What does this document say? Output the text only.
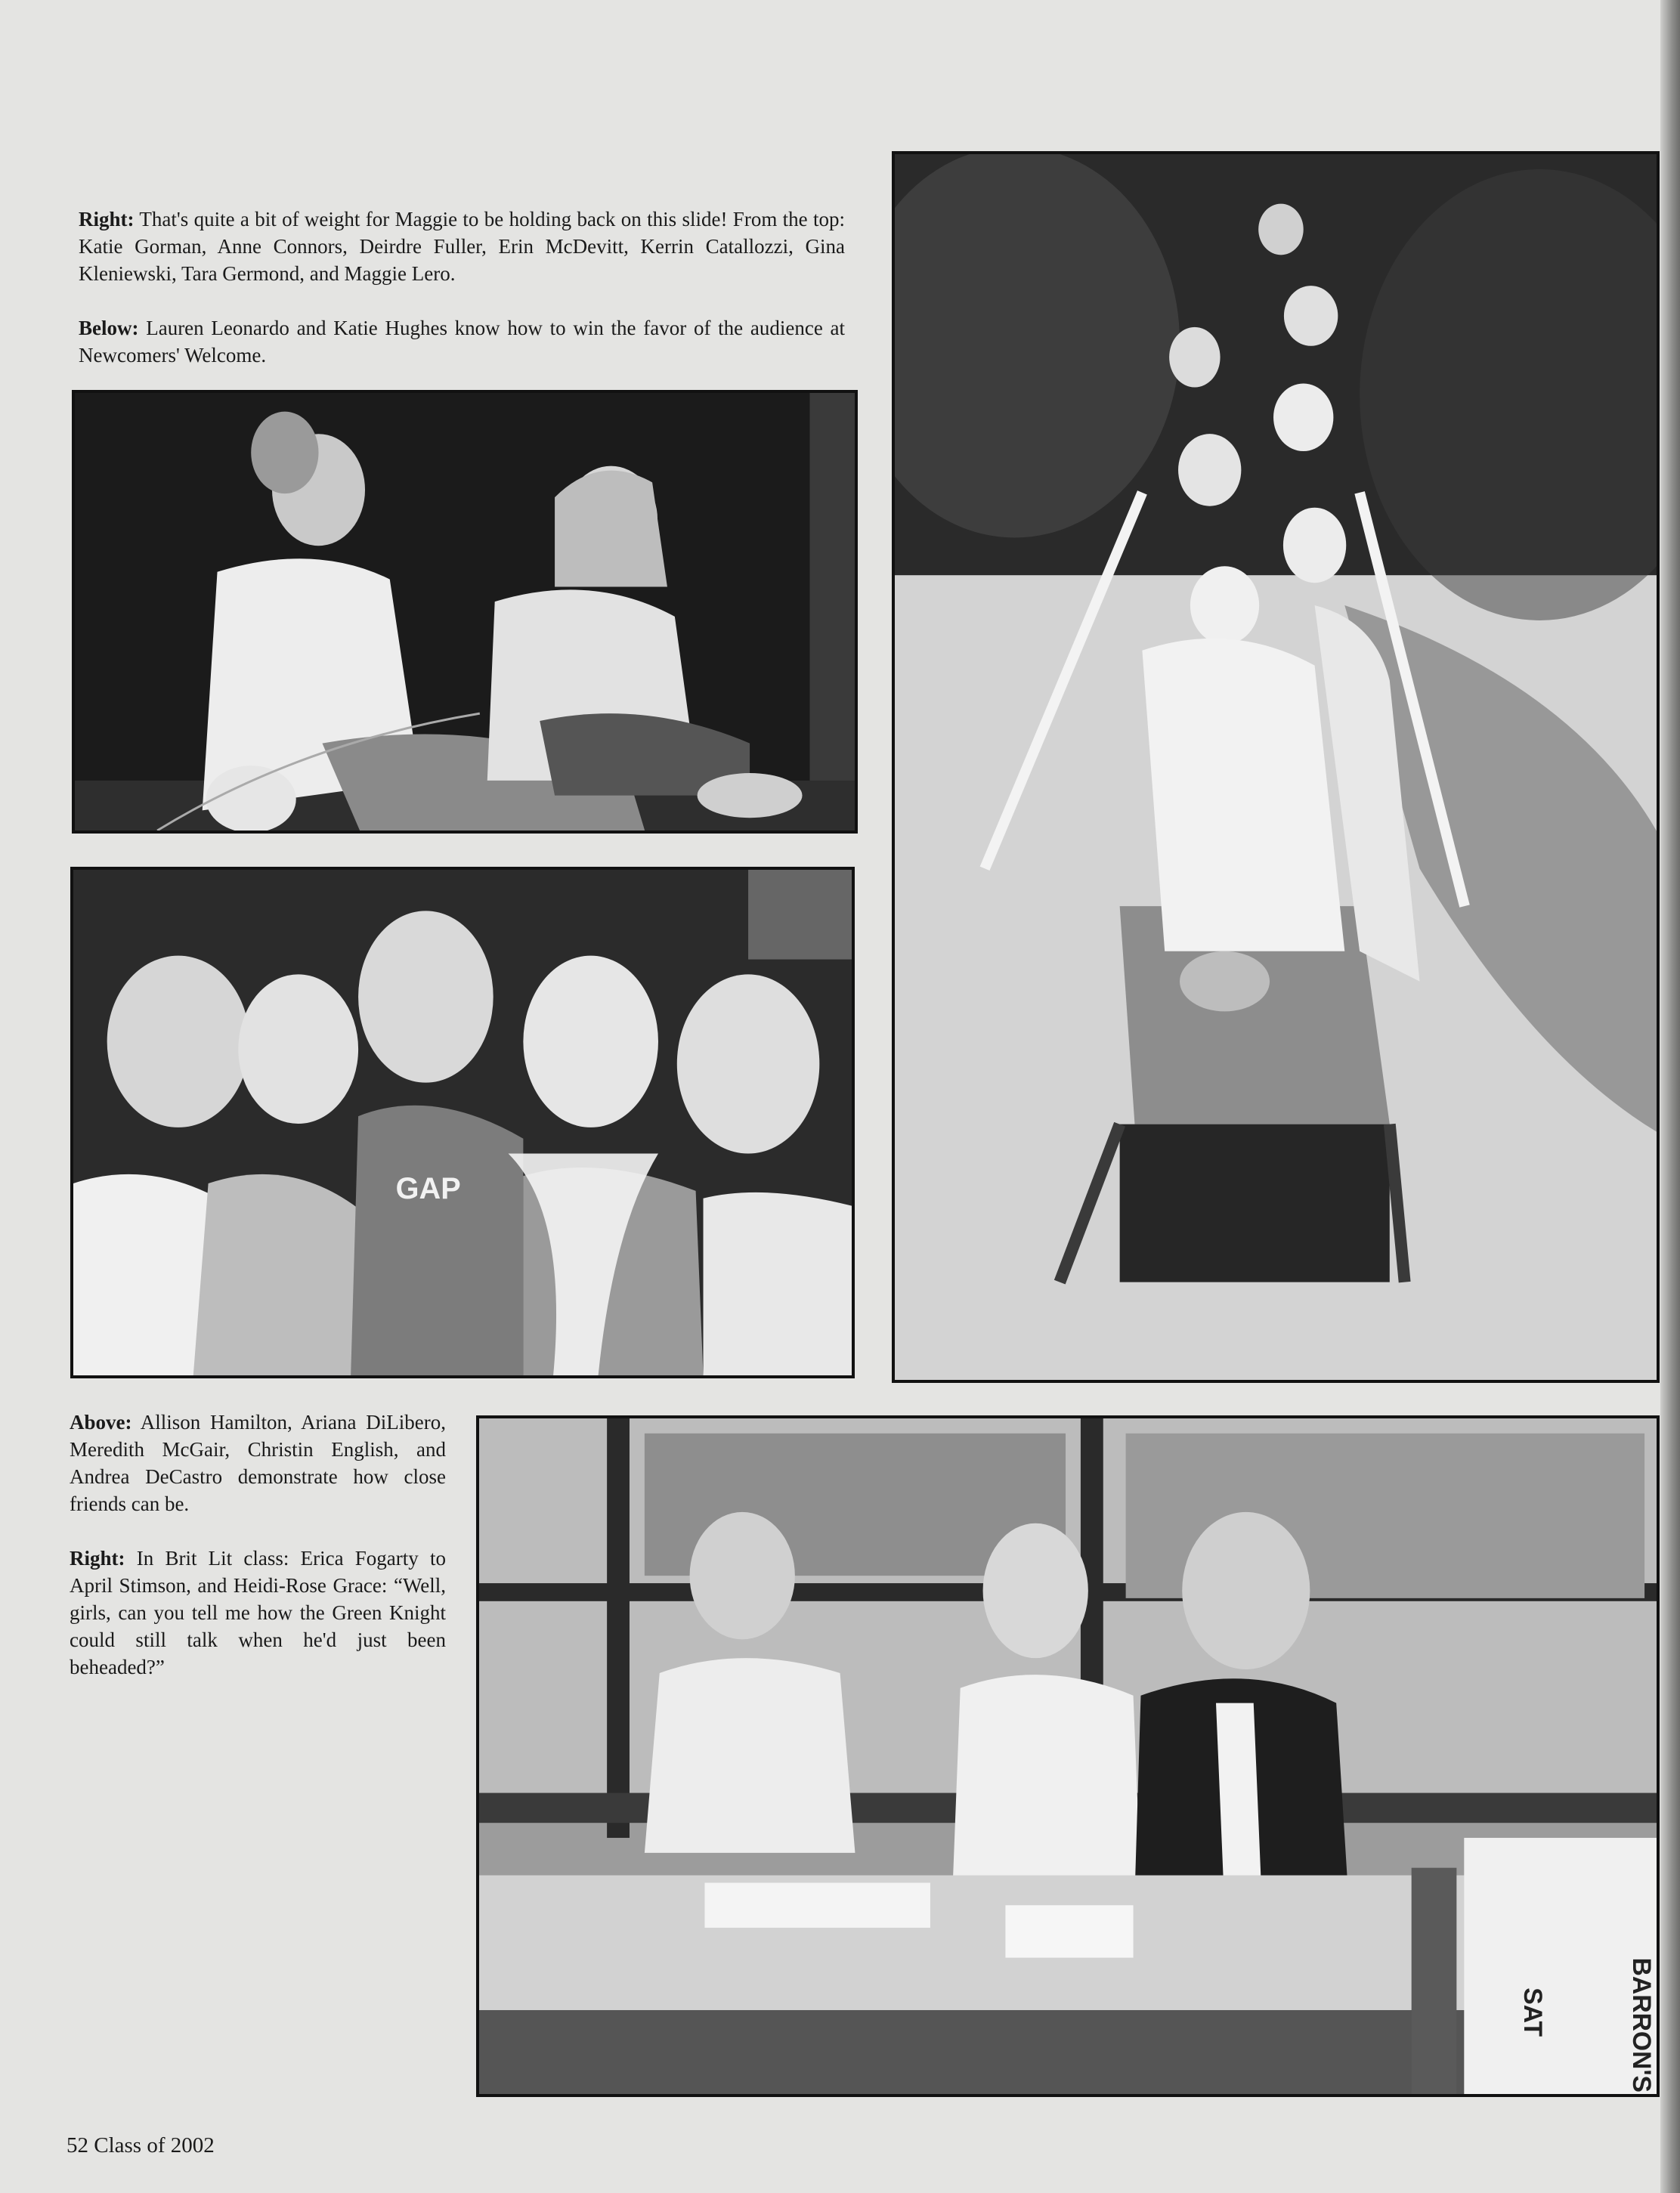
Right: That's quite a bit of weight for Maggie to be holding back on this slide! From the top: Katie Gorman, Anne Connors, Deirdre Fuller, Erin McDevitt, Kerrin Catallozzi, Gina Kleniewski, Tara Germond, and Maggie Lero.

Below: Lauren Leonardo and Katie Hughes know how to win the favor of the audience at Newcomers' Welcome.

GAP

Above: Allison Hamilton, Ariana DiLibero, Meredith McGair, Christin English, and Andrea DeCastro demonstrate how close friends can be.

Right: In Brit Lit class: Erica Fogarty to April Stimson, and Heidi-Rose Grace: “Well, girls, can you tell me how the Green Knight could still talk when he'd just been beheaded?”

BARRON'S
SAT
52 Class of 2002
